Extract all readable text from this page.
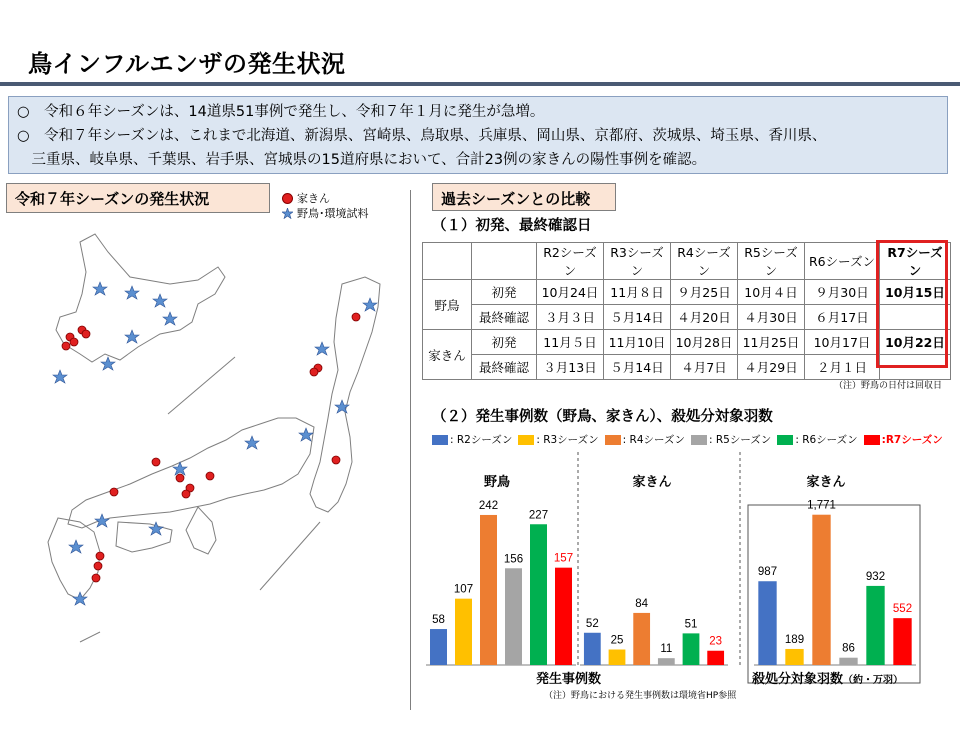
鳥インフルエンザの発生状況
○　令和６年シーズンは、14道県51事例で発生し、令和７年１月に発生が急増。
○　令和７年シーズンは、これまで北海道、新潟県、宮崎県、鳥取県、兵庫県、岡山県、京都府、茨城県、埼玉県、香川県、
　三重県、岐阜県、千葉県、岩手県、宮城県の15道府県において、合計23例の家きんの陽性事例を確認。
令和７年シーズンの発生状況	家きん
野鳥･環境試料
過去シーズンとの比較
（１）初発、最終確認日
		R2シーズン	R3シーズン	R4シーズン	R5シーズン	R6シーズン	R7シーズン
野鳥	初発	10月24日	11月８日	９月25日	10月４日	９月30日	10月15日
	最終確認	３月３日	５月14日	４月20日	４月30日	６月17日	
家きん	初発	11月５日	11月10日	10月28日	11月25日	10月17日	10月22日
	最終確認	３月13日	５月14日	４月7日	４月29日	２月１日	
（注）野鳥の日付は回収日
（２）発生事例数（野鳥、家きん）、殺処分対象羽数
: R2シーズン : R3シーズン : R4シーズン : R5シーズン : R6シーズン :R7シーズン
野鳥
58
107
242
156
227
157
家きん
52
25
84
11
51
23
家きん
987
189
1,771
86
932
552
発生事例数
（注）野鳥における発生事例数は環境省HP参照
殺処分対象羽数（約・万羽）
